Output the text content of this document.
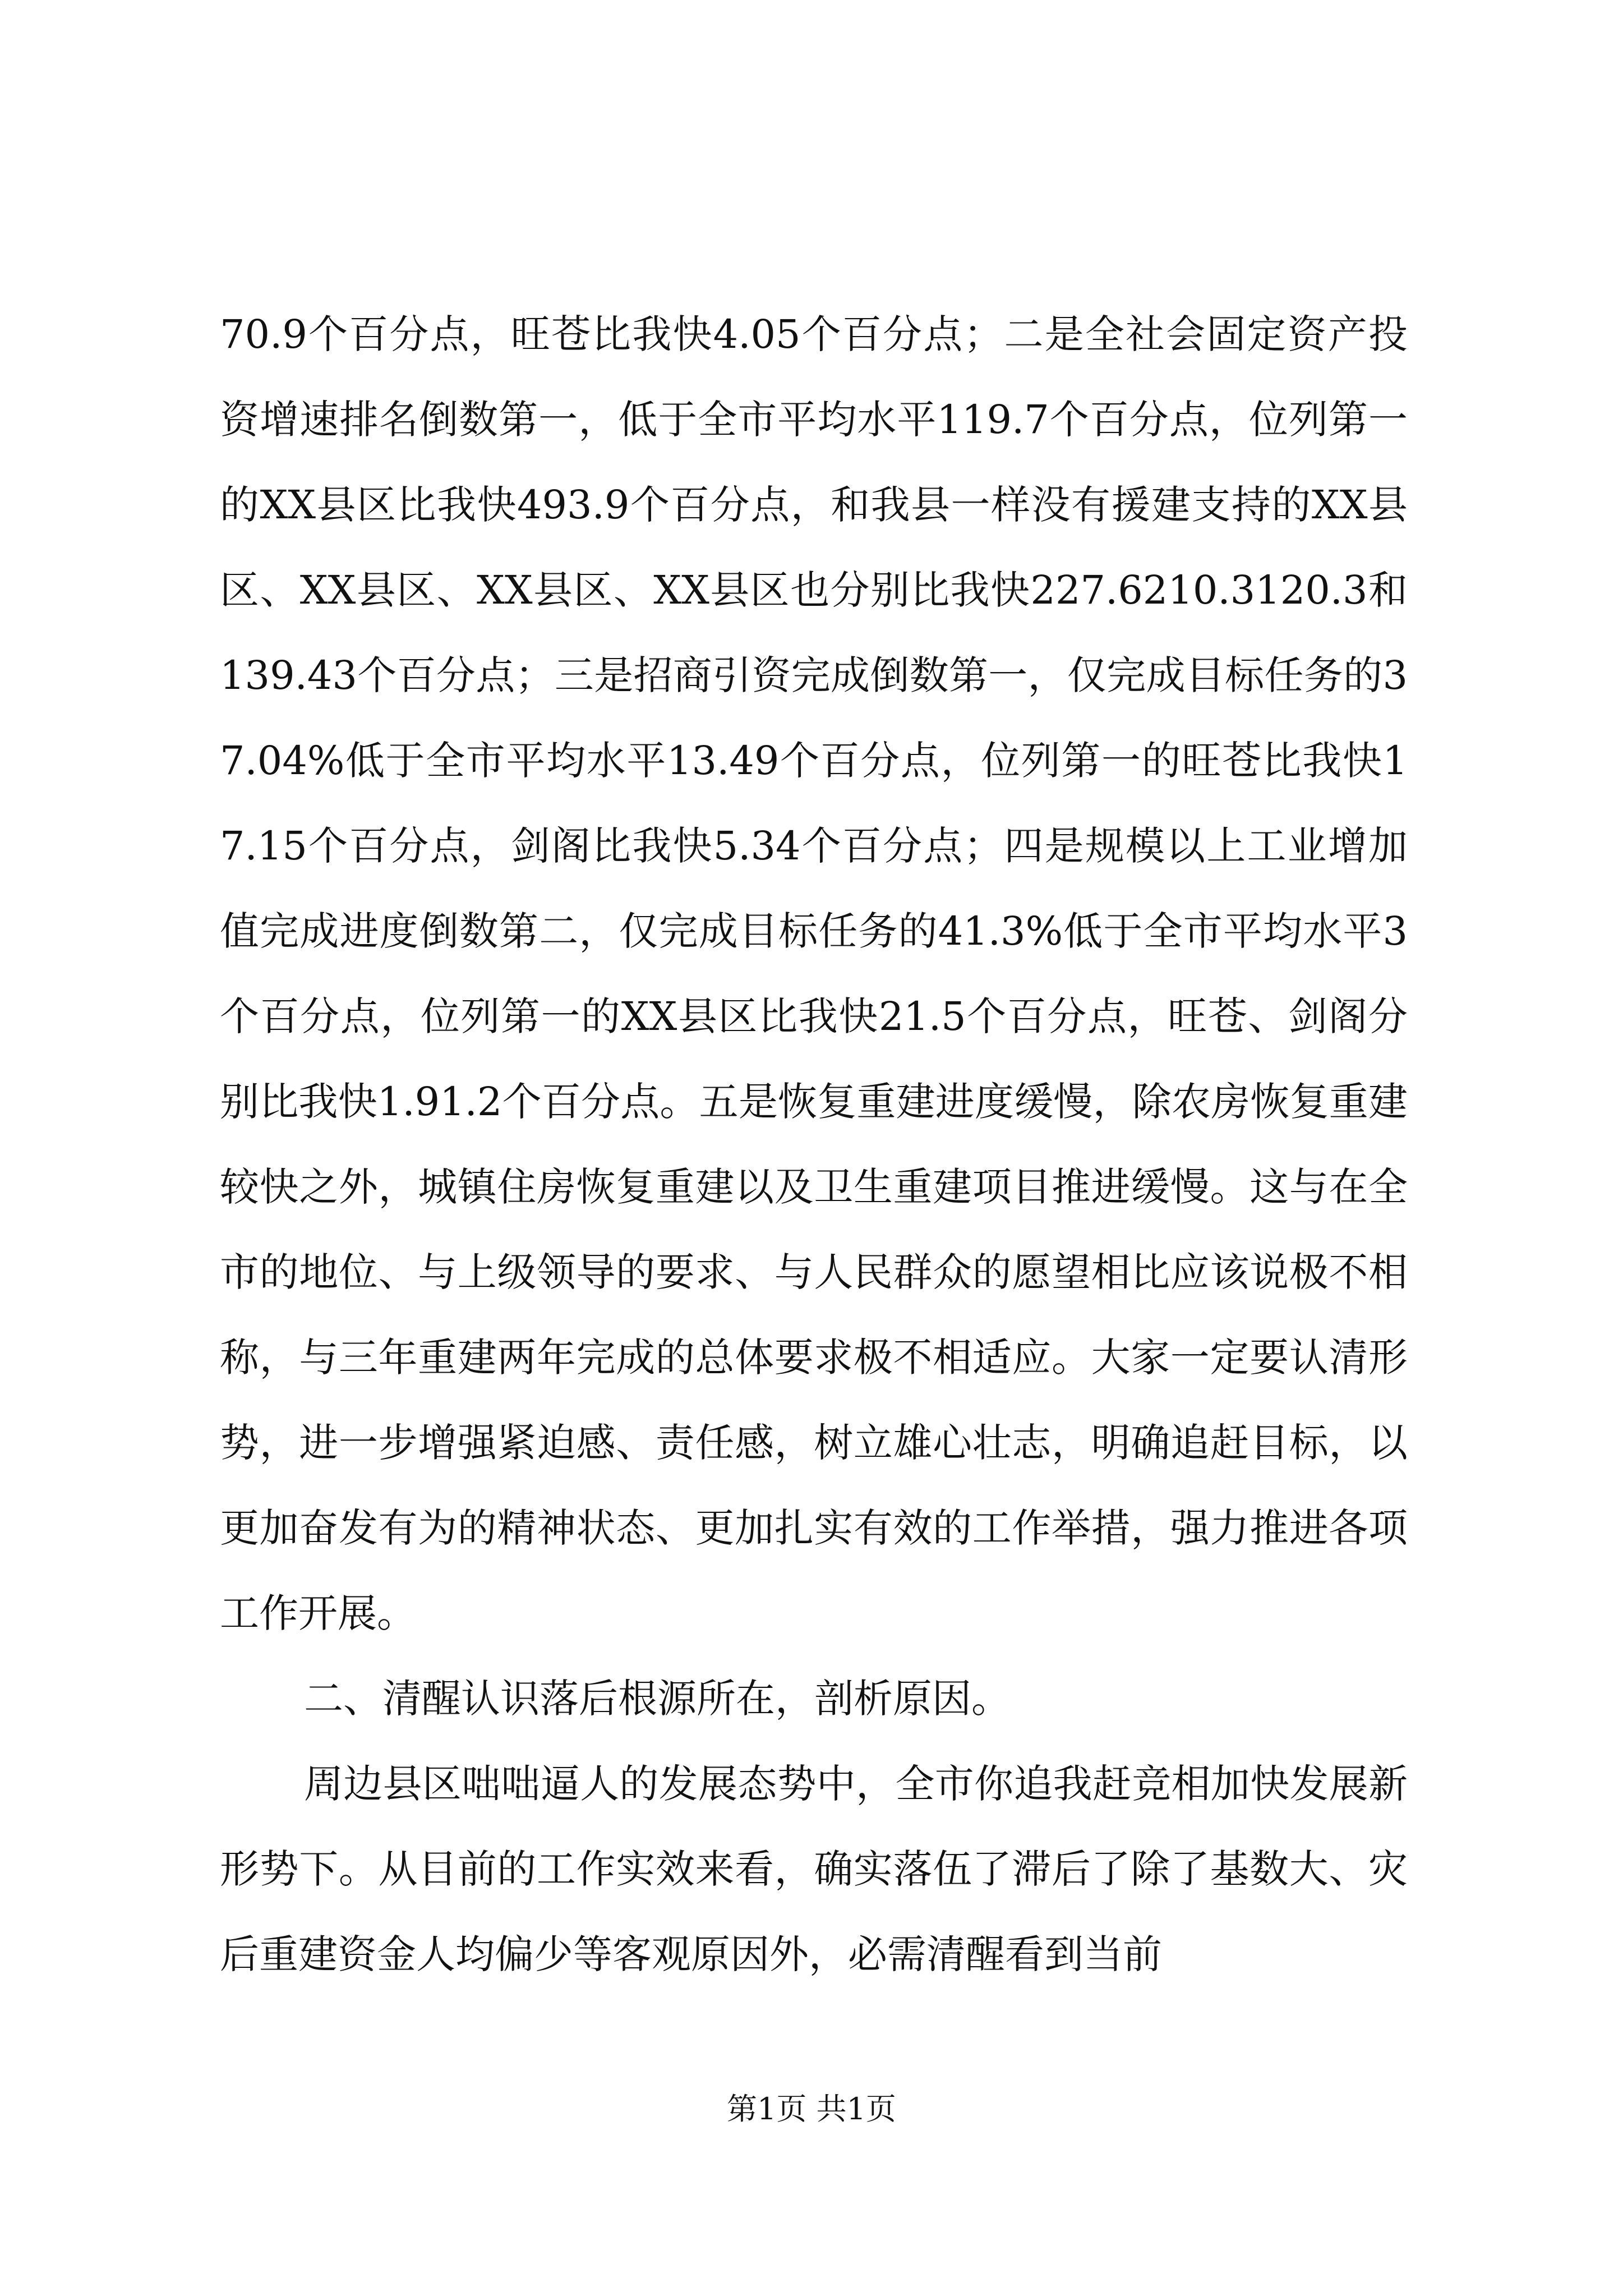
70.9个百分点，旺苍比我快4.05个百分点；二是全社会固定资产投资增速排名倒数第一，低于全市平均水平119.7个百分点，位列第一的XX县区比我快493.9个百分点，和我县一样没有援建支持的XX县区、XX县区、XX县区、XX县区也分别比我快227.6210.3120.3和139.43个百分点；三是招商引资完成倒数第一，仅完成目标任务的37.04%低于全市平均水平13.49个百分点，位列第一的旺苍比我快17.15个百分点，剑阁比我快5.34个百分点；四是规模以上工业增加值完成进度倒数第二，仅完成目标任务的41.3%低于全市平均水平3个百分点，位列第一的XX县区比我快21.5个百分点，旺苍、剑阁分别比我快1.91.2个百分点。五是恢复重建进度缓慢，除农房恢复重建较快之外，城镇住房恢复重建以及卫生重建项目推进缓慢。这与在全市的地位、与上级领导的要求、与人民群众的愿望相比应该说极不相称，与三年重建两年完成的总体要求极不相适应。大家一定要认清形势，进一步增强紧迫感、责任感，树立雄心壮志，明确追赶目标，以更加奋发有为的精神状态、更加扎实有效的工作举措，强力推进各项工作开展。

二、清醒认识落后根源所在，剖析原因。

周边县区咄咄逼人的发展态势中，全市你追我赶竞相加快发展新形势下。从目前的工作实效来看，确实落伍了滞后了除了基数大、灾后重建资金人均偏少等客观原因外，必需清醒看到当前

第1页 共1页
